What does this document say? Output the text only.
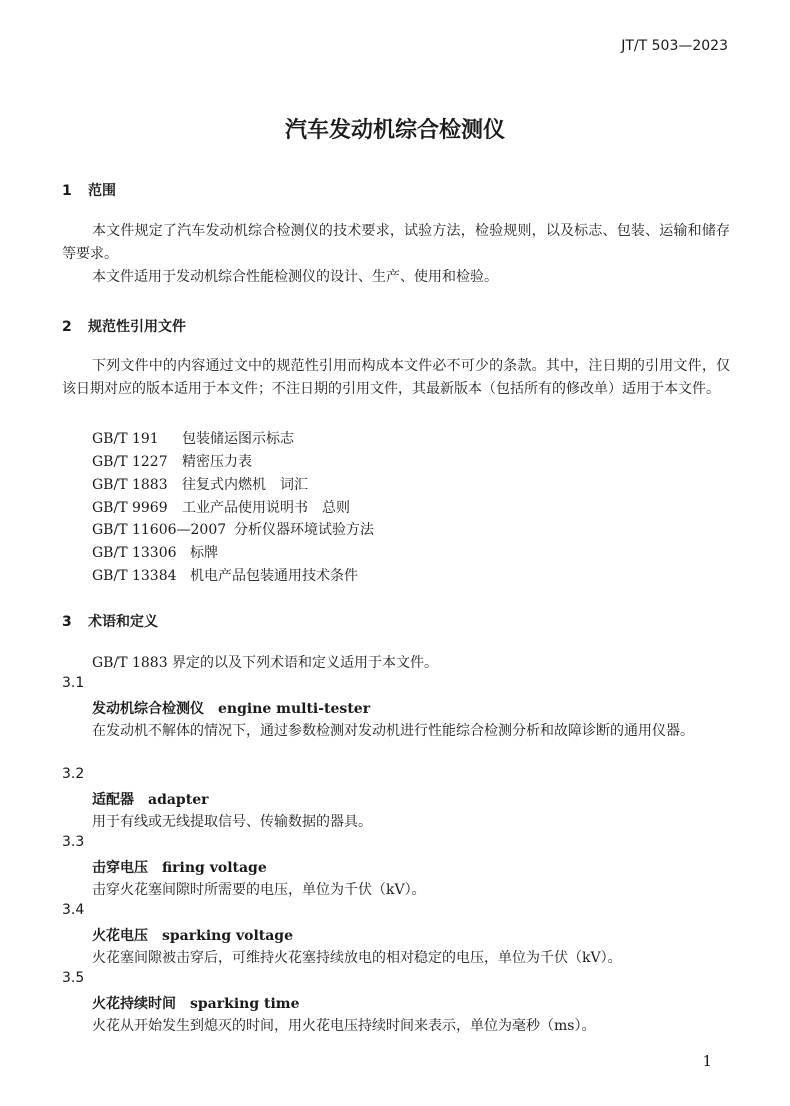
JT/T 503—2023
汽车发动机综合检测仪
1 范围
本文件规定了汽车发动机综合检测仪的技术要求，试验方法，检验规则，以及标志、包装、运输和储存等要求。
本文件适用于发动机综合性能检测仪的设计、生产、使用和检验。
2 规范性引用文件
下列文件中的内容通过文中的规范性引用而构成本文件必不可少的条款。其中，注日期的引用文件，仅该日期对应的版本适用于本文件；不注日期的引用文件，其最新版本（包括所有的修改单）适用于本文件。
GB/T 191 包装储运图示标志
GB/T 1227 精密压力表
GB/T 1883 往复式内燃机　词汇
GB/T 9969 工业产品使用说明书　总则
GB/T 11606—2007 分析仪器环境试验方法
GB/T 13306 标牌
GB/T 13384 机电产品包装通用技术条件
3 术语和定义
GB/T 1883 界定的以及下列术语和定义适用于本文件。
3.1
发动机综合检测仪 engine multi-tester
在发动机不解体的情况下，通过参数检测对发动机进行性能综合检测分析和故障诊断的通用仪器。
3.2
适配器 adapter
用于有线或无线提取信号、传输数据的器具。
3.3
击穿电压 firing voltage
击穿火花塞间隙时所需要的电压，单位为千伏（kV）。
3.4
火花电压 sparking voltage
火花塞间隙被击穿后，可维持火花塞持续放电的相对稳定的电压，单位为千伏（kV）。
3.5
火花持续时间 sparking time
火花从开始发生到熄灭的时间，用火花电压持续时间来表示，单位为毫秒（ms）。
1
